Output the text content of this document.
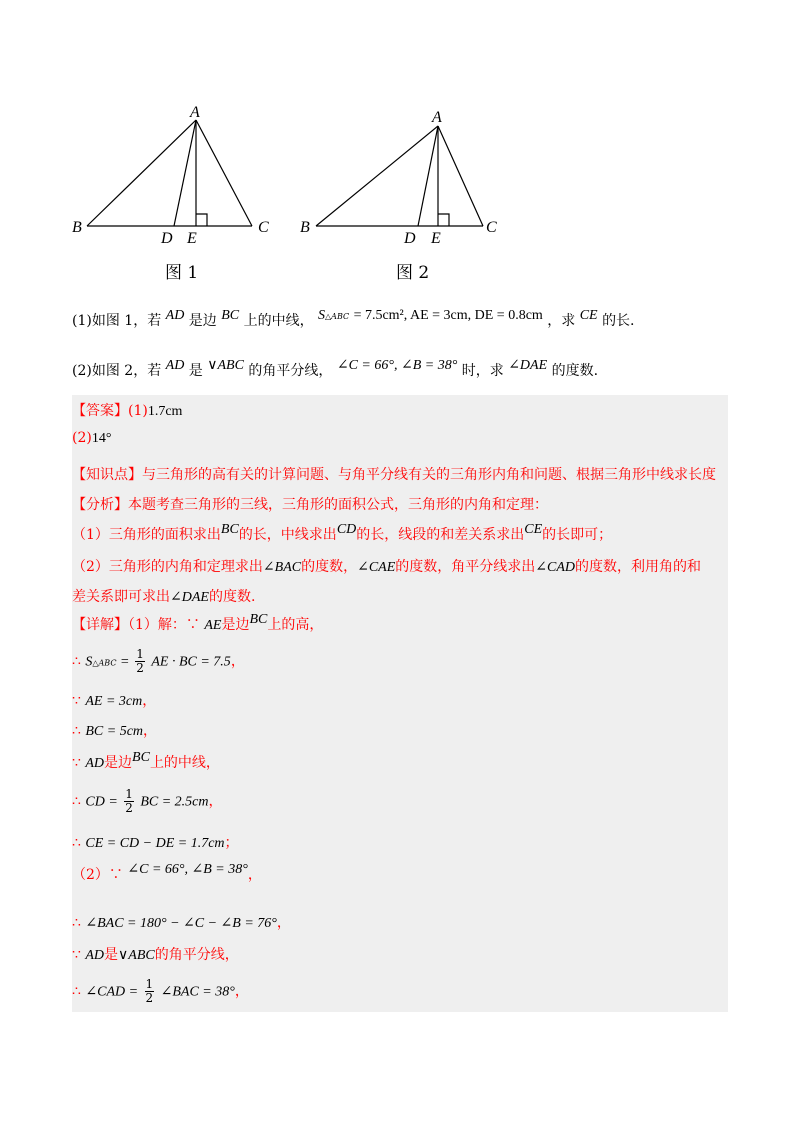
A
B	C
D E
A
B	C
D E
图 1	图 2
(1)如图 1，若 AD 是边 BC 上的中线， S△ABC = 7.5cm², AE = 3cm, DE = 0.8cm ，求 CE 的长.
(2)如图 2，若 AD 是 ∨ABC 的角平分线， ∠C = 66°, ∠B = 38° 时，求 ∠DAE 的度数.
【答案】(1)1.7cm
(2)14°
【知识点】与三角形的高有关的计算问题、与角平分线有关的三角形内角和问题、根据三角形中线求长度
【分析】本题考查三角形的三线，三角形的面积公式，三角形的内角和定理：
（1）三角形的面积求出BC的长，中线求出CD的长，线段的和差关系求出CE的长即可；
（2）三角形的内角和定理求出∠BAC的度数，∠CAE的度数，角平分线求出∠CAD的度数，利用角的和
差关系即可求出∠DAE的度数.
【详解】（1）解：∵ AE是边BC上的高，
∴ S△ABC = $\frac{1}{2}$ AE · BC = 7.5，
∵ AE = 3cm，
∴ BC = 5cm，
∵ AD是边BC上的中线，
∴ CD = $\frac{1}{2}$ BC = 2.5cm，
∴ CE = CD − DE = 1.7cm；
（2）∵ ∠C = 66°, ∠B = 38°，
∴ ∠BAC = 180° − ∠C − ∠B = 76°，
∵ AD是∨ABC的角平分线，
∴ ∠CAD = $\frac{1}{2}$ ∠BAC = 38°，
